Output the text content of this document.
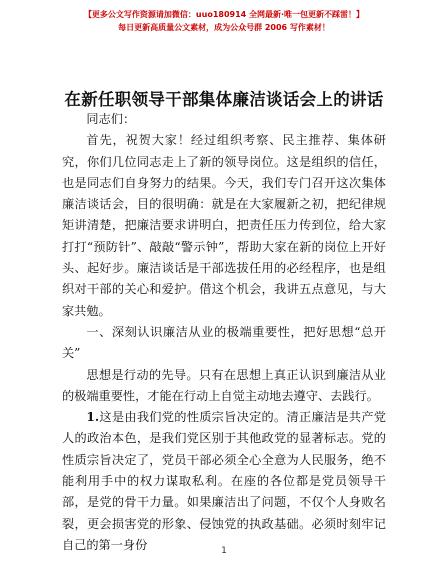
【更多公文写作资源请加微信：uuo180914 全网最新·唯一包更新不踩雷！】
每日更新高质量公文素材，成为公众号群 2006 写作素材！
在新任职领导干部集体廉洁谈话会上的讲话

同志们：

首先，祝贺大家！经过组织考察、民主推荐、集体研究，你们几位同志走上了新的领导岗位。这是组织的信任，也是同志们自身努力的结果。今天，我们专门召开这次集体廉洁谈话会，目的很明确：就是在大家履新之初，把纪律规矩讲清楚，把廉洁要求讲明白，把责任压力传到位，给大家打打“预防针”、敲敲“警示钟”，帮助大家在新的岗位上开好头、起好步。廉洁谈话是干部选拔任用的必经程序，也是组织对干部的关心和爱护。借这个机会，我讲五点意见，与大家共勉。

一、深刻认识廉洁从业的极端重要性，把好思想“总开关”

思想是行动的先导。只有在思想上真正认识到廉洁从业的极端重要性，才能在行动上自觉主动地去遵守、去践行。

1.这是由我们党的性质宗旨决定的。清正廉洁是共产党人的政治本色，是我们党区别于其他政党的显著标志。党的性质宗旨决定了，党员干部必须全心全意为人民服务，绝不能利用手中的权力谋取私利。在座的各位都是党员领导干部，是党的骨干力量。如果廉洁出了问题，不仅个人身败名裂，更会损害党的形象、侵蚀党的执政基础。必须时刻牢记自己的第一身份	1
